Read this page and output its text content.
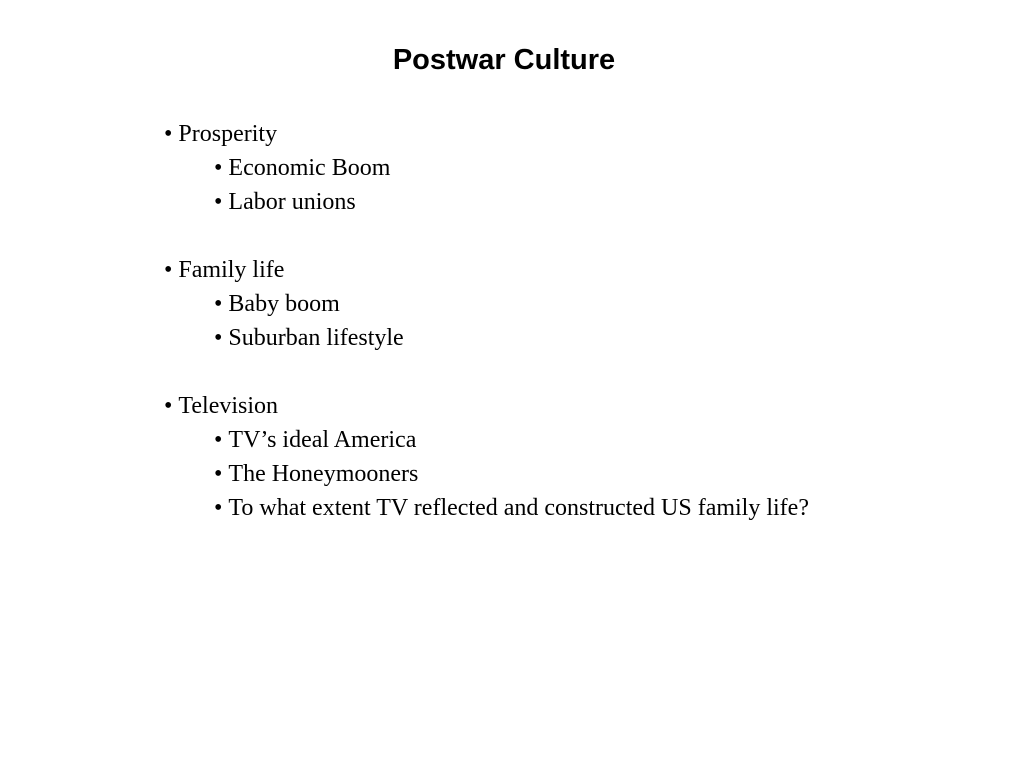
Postwar Culture
• Prosperity
• Economic Boom
• Labor unions
• Family life
• Baby boom
• Suburban lifestyle
• Television
• TV’s ideal America
• The Honeymooners
• To what extent TV reflected and constructed US family life?
